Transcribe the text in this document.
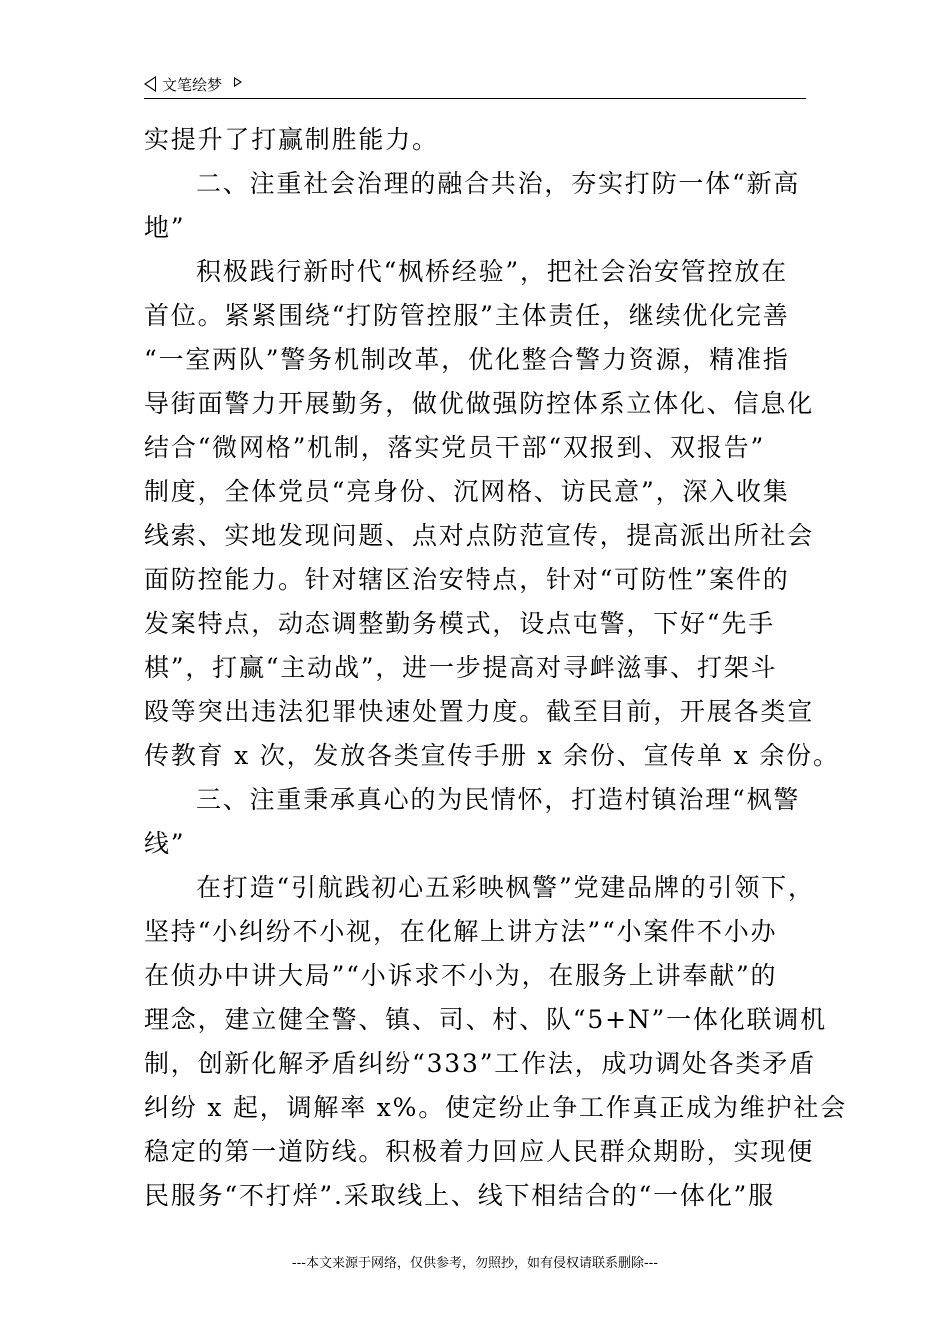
文笔绘梦
实提升了打赢制胜能力。
二、注重社会治理的融合共治，夯实打防一体“新高
地”
积极践行新时代“枫桥经验”，把社会治安管控放在
首位。紧紧围绕“打防管控服”主体责任，继续优化完善
“一室两队”警务机制改革，优化整合警力资源，精准指
导街面警力开展勤务，做优做强防控体系立体化、信息化
结合“微网格”机制，落实党员干部“双报到、双报告”
制度，全体党员“亮身份、沉网格、访民意”，深入收集
线索、实地发现问题、点对点防范宣传，提高派出所社会
面防控能力。针对辖区治安特点，针对“可防性”案件的
发案特点，动态调整勤务模式，设点屯警，下好“先手
棋”，打赢“主动战”，进一步提高对寻衅滋事、打架斗
殴等突出违法犯罪快速处置力度。截至目前，开展各类宣
传教育 x 次，发放各类宣传手册 x 余份、宣传单 x 余份。
三、注重秉承真心的为民情怀，打造村镇治理“枫警
线”
在打造“引航践初心五彩映枫警”党建品牌的引领下，
坚持“小纠纷不小视，在化解上讲方法”“小案件不小办
在侦办中讲大局”“小诉求不小为，在服务上讲奉献”的
理念，建立健全警、镇、司、村、队“5+N”一体化联调机
制，创新化解矛盾纠纷“333”工作法，成功调处各类矛盾
纠纷 x 起，调解率 x%。使定纷止争工作真正成为维护社会
稳定的第一道防线。积极着力回应人民群众期盼，实现便
民服务“不打烊”.采取线上、线下相结合的“一体化”服
---本文来源于网络，仅供参考，勿照抄，如有侵权请联系删除---
